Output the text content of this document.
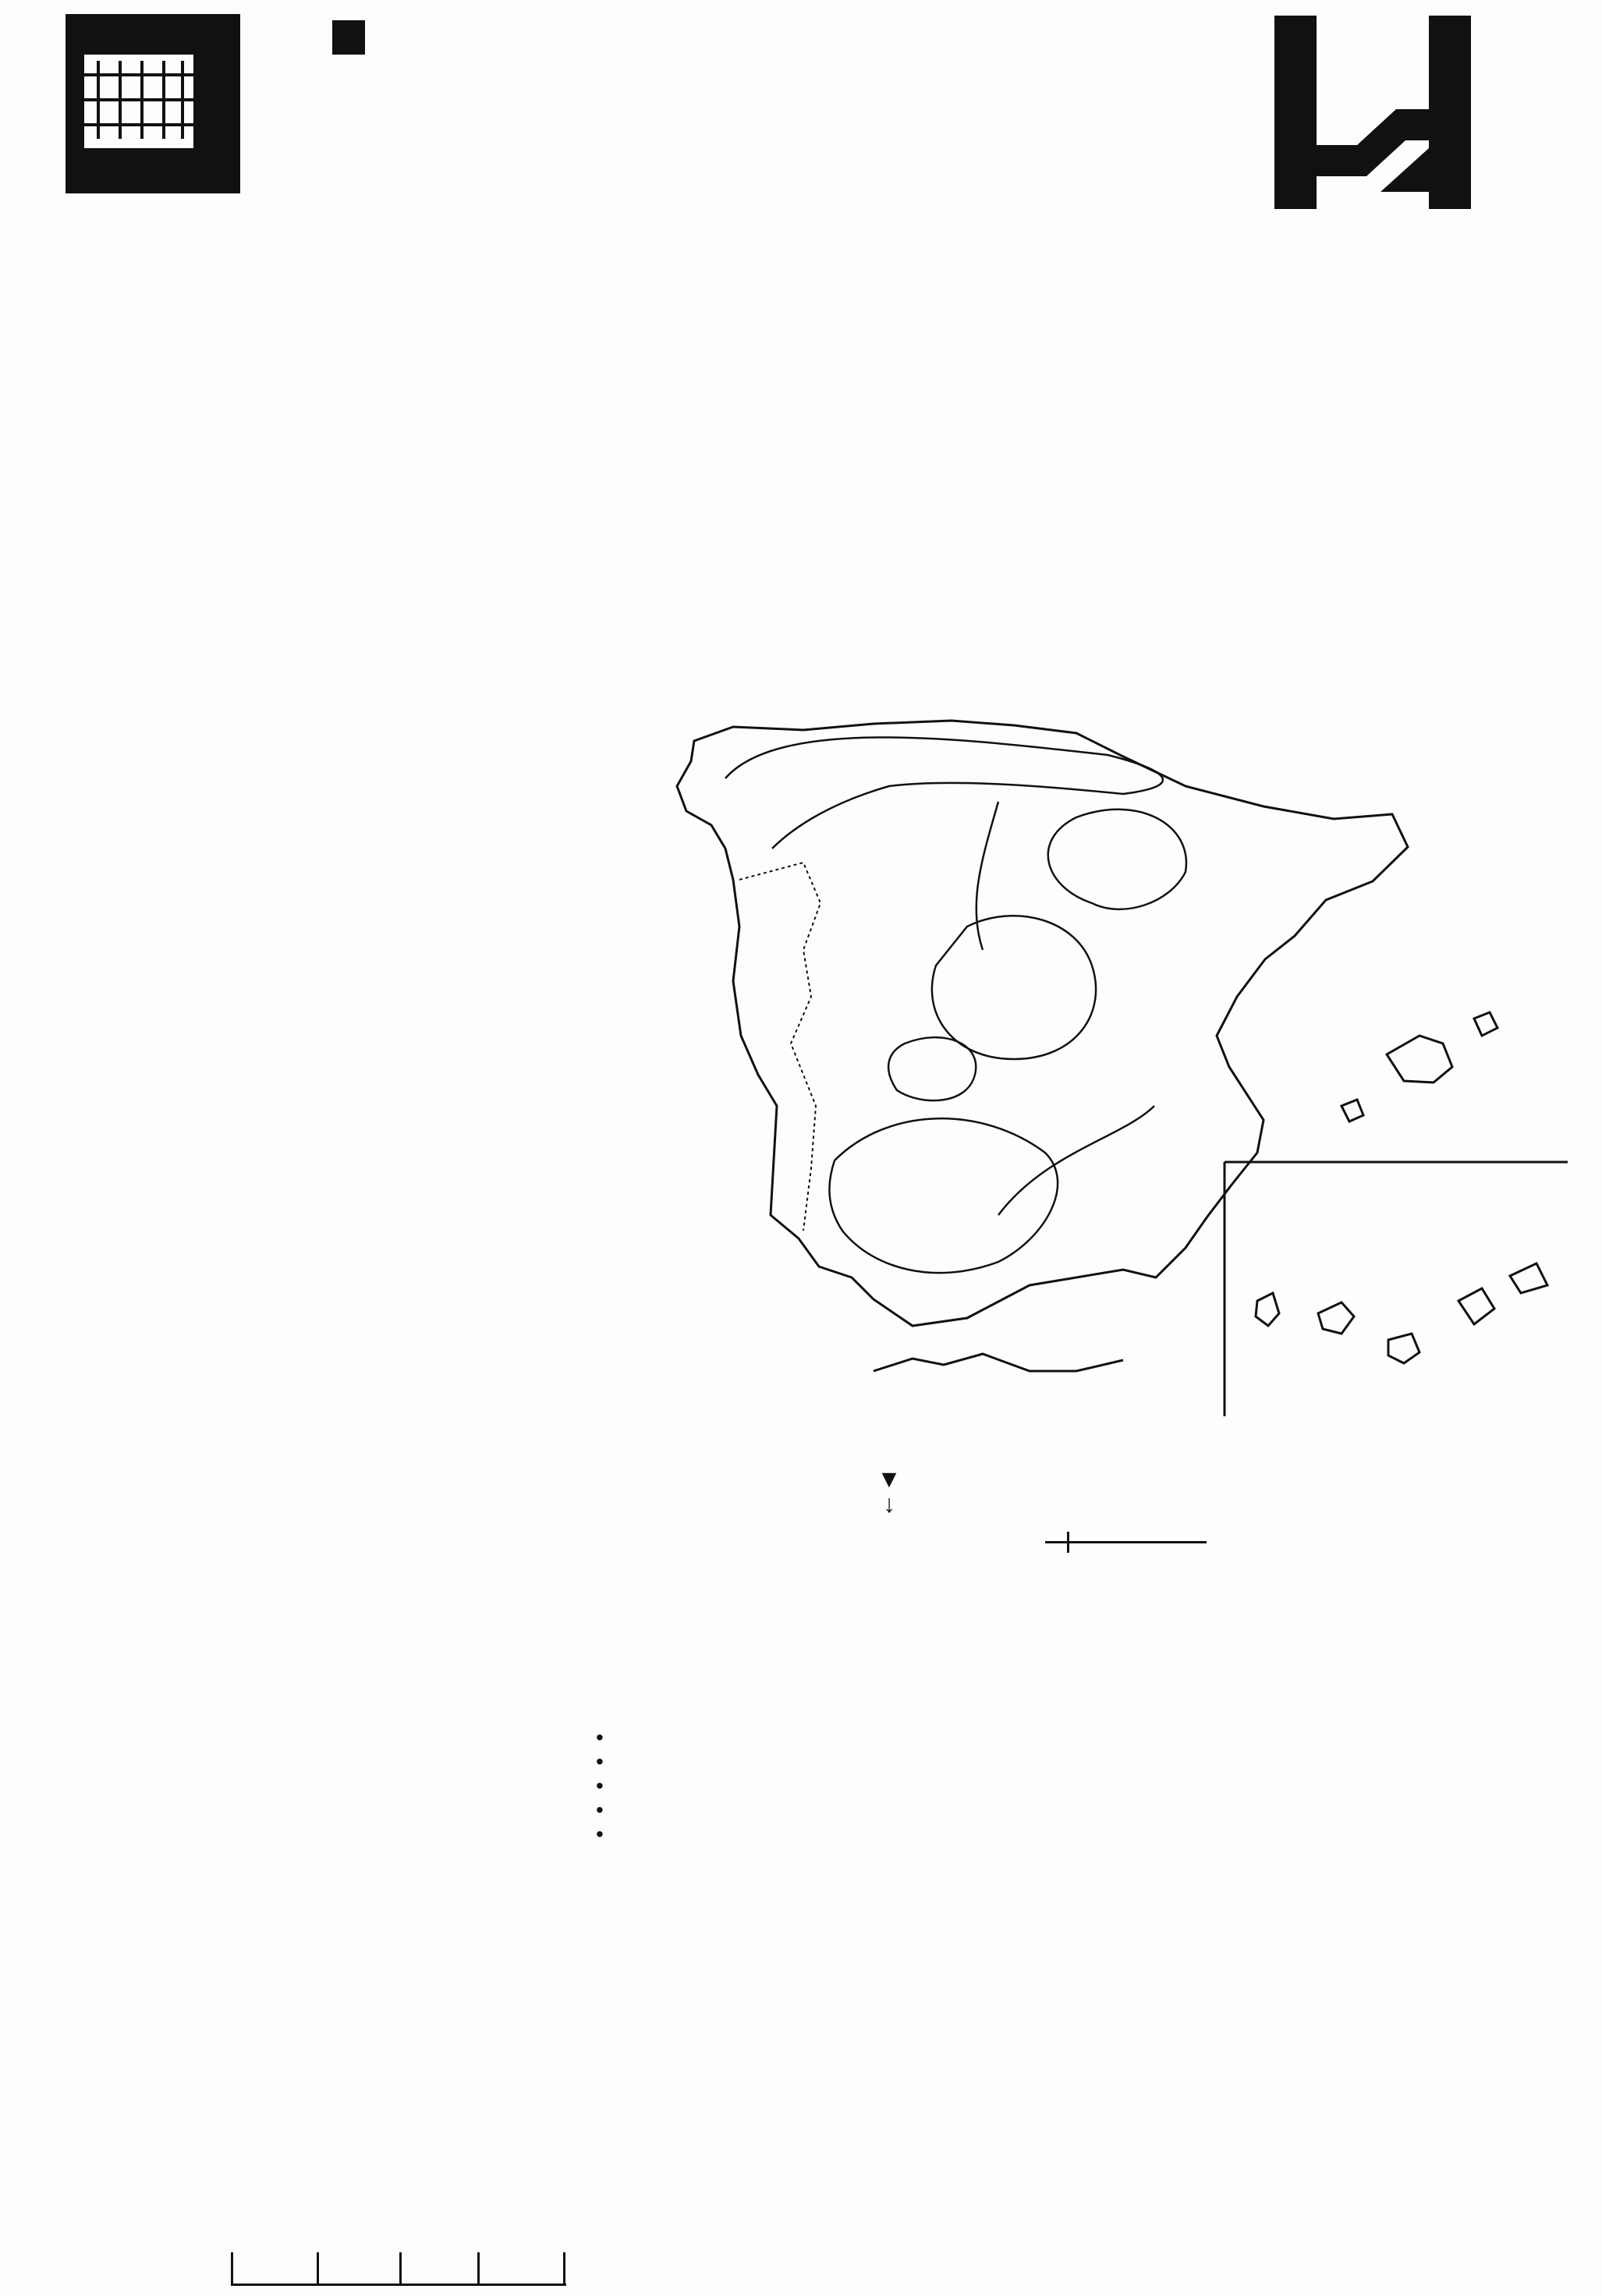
▼
↓

•
•
•
•
•
